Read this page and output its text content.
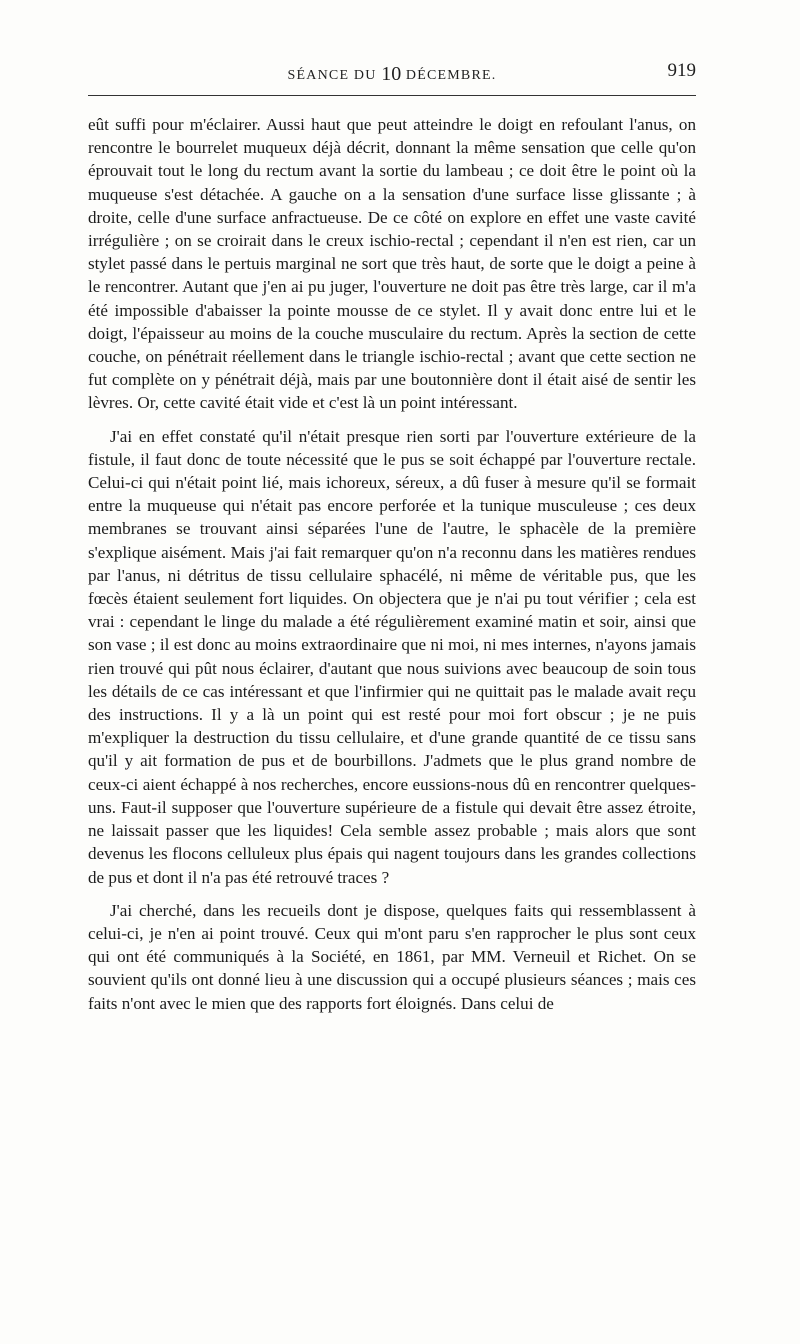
SÉANCE DU 10 DÉCEMBRE.	919

eût suffi pour m'éclairer. Aussi haut que peut atteindre le doigt en refoulant l'anus, on rencontre le bourrelet muqueux déjà décrit, donnant la même sensation que celle qu'on éprouvait tout le long du rectum avant la sortie du lambeau ; ce doit être le point où la muqueuse s'est détachée. A gauche on a la sensation d'une surface lisse glissante ; à droite, celle d'une surface anfractueuse. De ce côté on explore en effet une vaste cavité irrégulière ; on se croirait dans le creux ischio-rectal ; cependant il n'en est rien, car un stylet passé dans le pertuis marginal ne sort que très haut, de sorte que le doigt a peine à le rencontrer. Autant que j'en ai pu juger, l'ouverture ne doit pas être très large, car il m'a été impossible d'abaisser la pointe mousse de ce stylet. Il y avait donc entre lui et le doigt, l'épaisseur au moins de la couche musculaire du rectum. Après la section de cette couche, on pénétrait réellement dans le triangle ischio-rectal ; avant que cette section ne fut complète on y pénétrait déjà, mais par une boutonnière dont il était aisé de sentir les lèvres. Or, cette cavité était vide et c'est là un point intéressant.

J'ai en effet constaté qu'il n'était presque rien sorti par l'ouverture extérieure de la fistule, il faut donc de toute nécessité que le pus se soit échappé par l'ouverture rectale. Celui-ci qui n'était point lié, mais ichoreux, séreux, a dû fuser à mesure qu'il se formait entre la muqueuse qui n'était pas encore perforée et la tunique musculeuse ; ces deux membranes se trouvant ainsi séparées l'une de l'autre, le sphacèle de la première s'explique aisément. Mais j'ai fait remarquer qu'on n'a reconnu dans les matières rendues par l'anus, ni détritus de tissu cellulaire sphacélé, ni même de véritable pus, que les fœcès étaient seulement fort liquides. On objectera que je n'ai pu tout vérifier ; cela est vrai : cependant le linge du malade a été régulièrement examiné matin et soir, ainsi que son vase ; il est donc au moins extraordinaire que ni moi, ni mes internes, n'ayons jamais rien trouvé qui pût nous éclairer, d'autant que nous suivions avec beaucoup de soin tous les détails de ce cas intéressant et que l'infirmier qui ne quittait pas le malade avait reçu des instructions. Il y a là un point qui est resté pour moi fort obscur ; je ne puis m'expliquer la destruction du tissu cellulaire, et d'une grande quantité de ce tissu sans qu'il y ait formation de pus et de bourbillons. J'admets que le plus grand nombre de ceux-ci aient échappé à nos recherches, encore eussions-nous dû en rencontrer quelques-uns. Faut-il supposer que l'ouverture supérieure de a fistule qui devait être assez étroite, ne laissait passer que les liquides! Cela semble assez probable ; mais alors que sont devenus les flocons celluleux plus épais qui nagent toujours dans les grandes collections de pus et dont il n'a pas été retrouvé traces ?

J'ai cherché, dans les recueils dont je dispose, quelques faits qui ressemblassent à celui-ci, je n'en ai point trouvé. Ceux qui m'ont paru s'en rapprocher le plus sont ceux qui ont été communiqués à la Société, en 1861, par MM. Verneuil et Richet. On se souvient qu'ils ont donné lieu à une discussion qui a occupé plusieurs séances ; mais ces faits n'ont avec le mien que des rapports fort éloignés. Dans celui de
